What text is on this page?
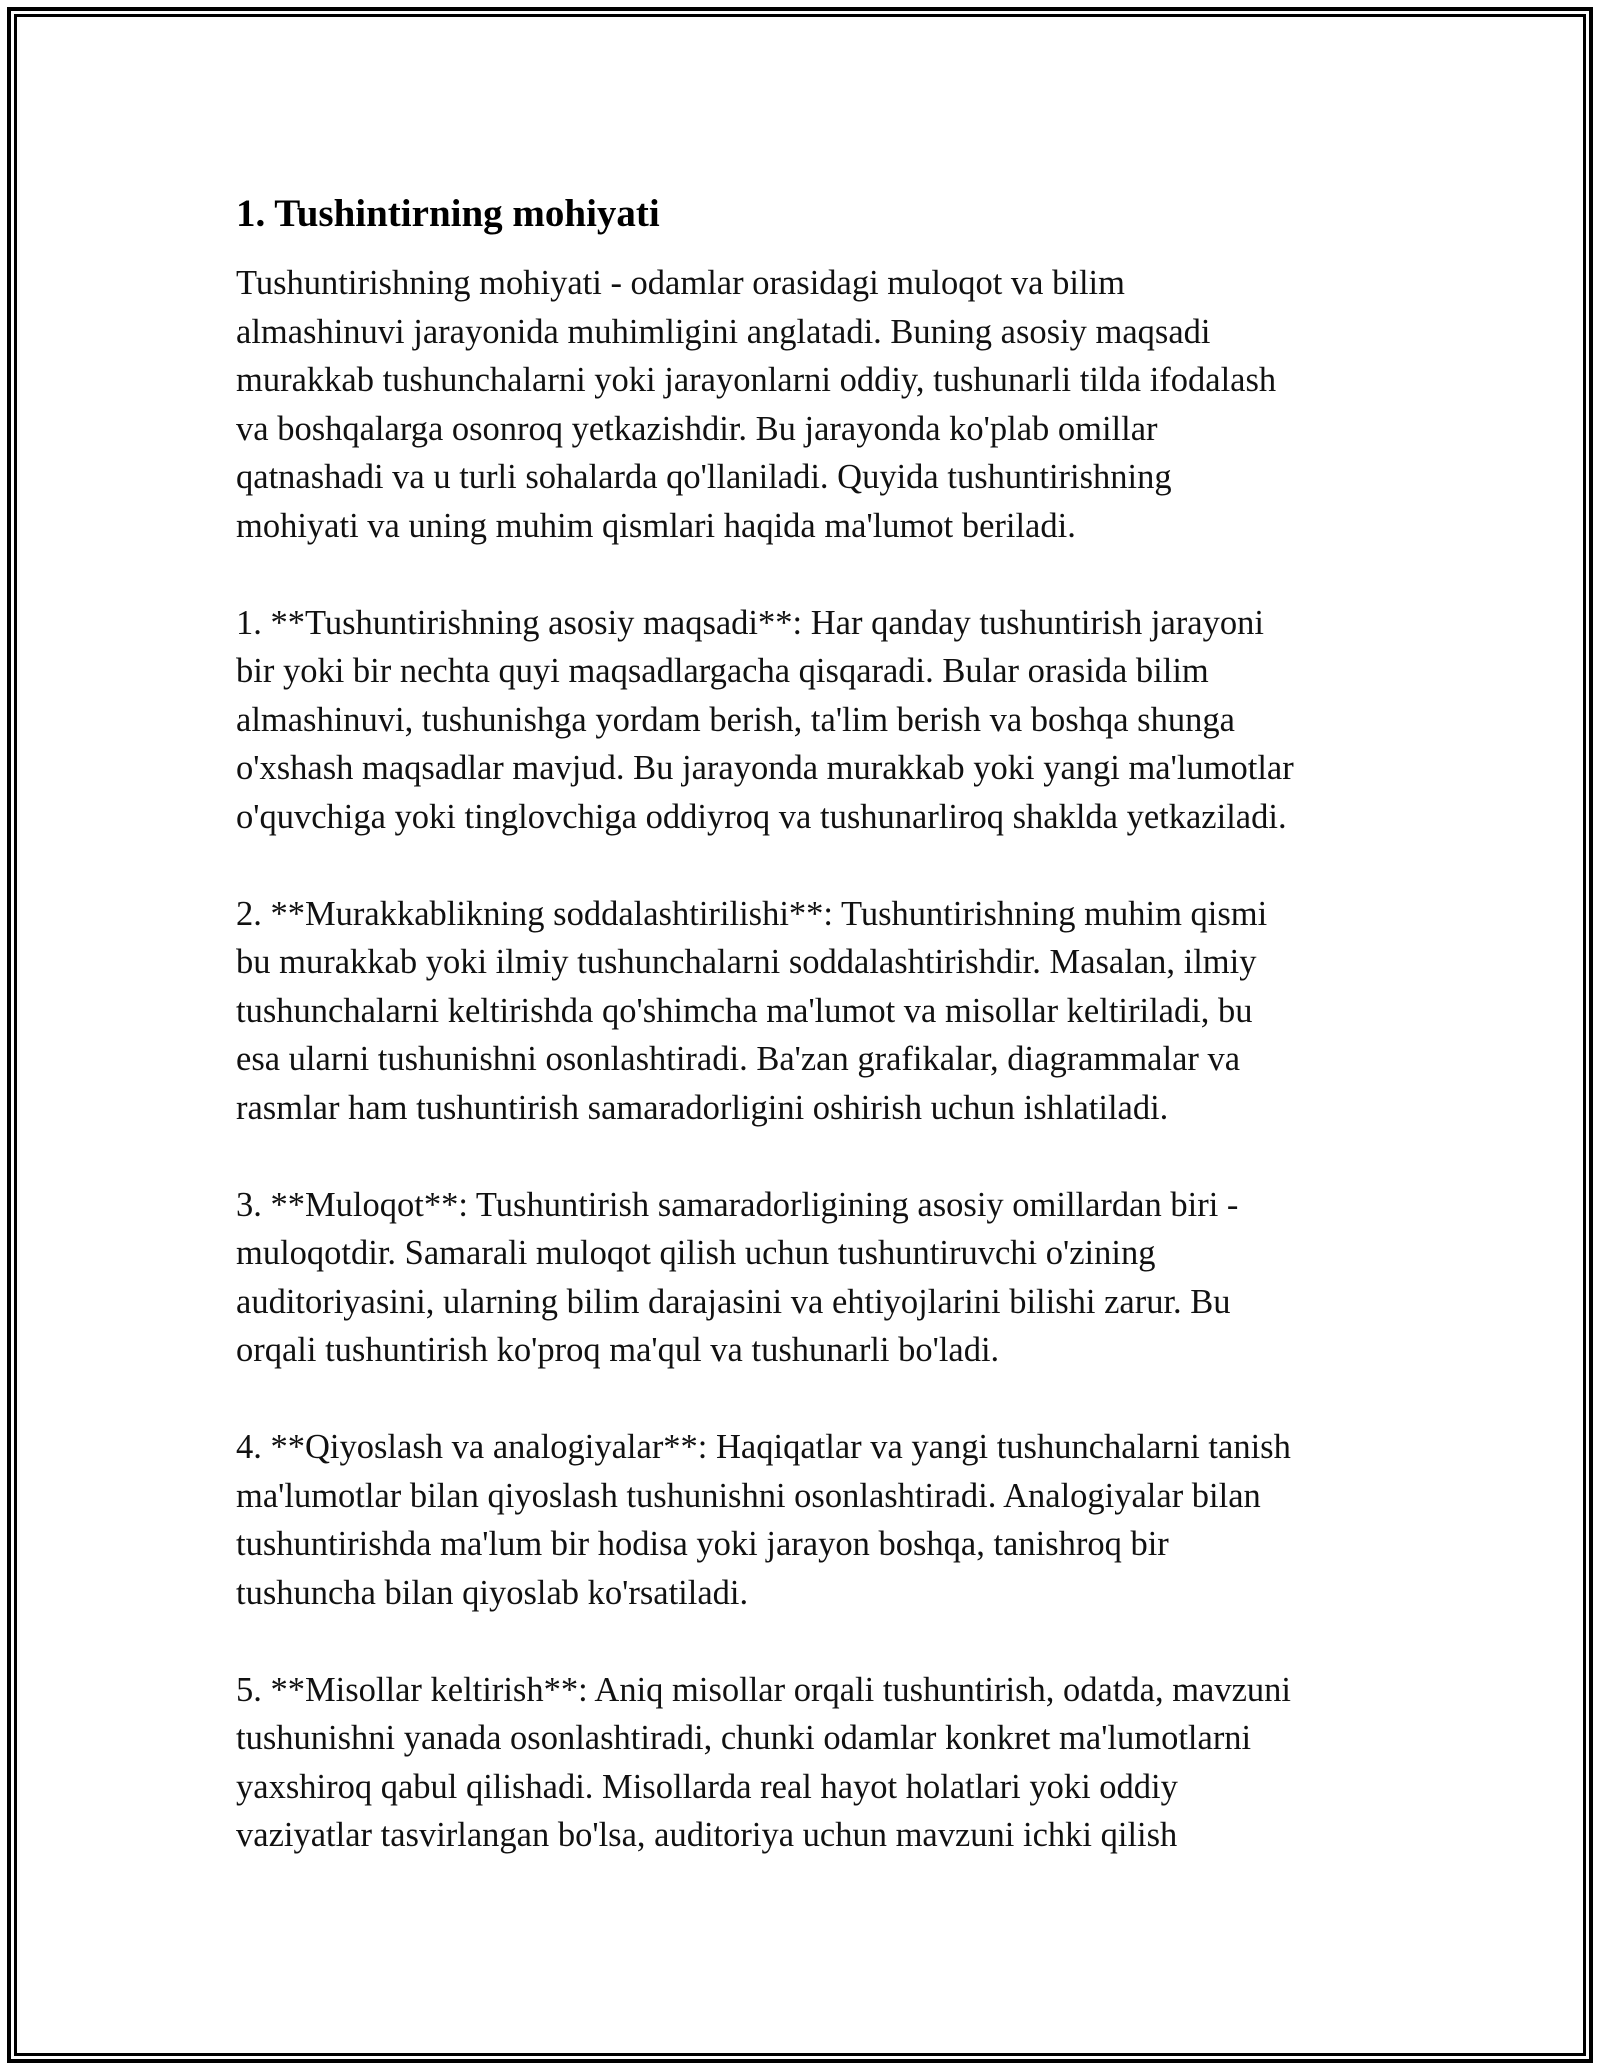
1. Tushintirning mohiyati

Tushuntirishning mohiyati - odamlar orasidagi muloqot va bilim
almashinuvi jarayonida muhimligini anglatadi. Buning asosiy maqsadi
murakkab tushunchalarni yoki jarayonlarni oddiy, tushunarli tilda ifodalash
va boshqalarga osonroq yetkazishdir. Bu jarayonda ko'plab omillar
qatnashadi va u turli sohalarda qo'llaniladi. Quyida tushuntirishning
mohiyati va uning muhim qismlari haqida ma'lumot beriladi.

1. **Tushuntirishning asosiy maqsadi**: Har qanday tushuntirish jarayoni
bir yoki bir nechta quyi maqsadlargacha qisqaradi. Bular orasida bilim
almashinuvi, tushunishga yordam berish, ta'lim berish va boshqa shunga
o'xshash maqsadlar mavjud. Bu jarayonda murakkab yoki yangi ma'lumotlar
o'quvchiga yoki tinglovchiga oddiyroq va tushunarliroq shaklda yetkaziladi.

2. **Murakkablikning soddalashtirilishi**: Tushuntirishning muhim qismi
bu murakkab yoki ilmiy tushunchalarni soddalashtirishdir. Masalan, ilmiy
tushunchalarni keltirishda qo'shimcha ma'lumot va misollar keltiriladi, bu
esa ularni tushunishni osonlashtiradi. Ba'zan grafikalar, diagrammalar va
rasmlar ham tushuntirish samaradorligini oshirish uchun ishlatiladi.

3. **Muloqot**: Tushuntirish samaradorligining asosiy omillardan biri -
muloqotdir. Samarali muloqot qilish uchun tushuntiruvchi o'zining
auditoriyasini, ularning bilim darajasini va ehtiyojlarini bilishi zarur. Bu
orqali tushuntirish ko'proq ma'qul va tushunarli bo'ladi.

4. **Qiyoslash va analogiyalar**: Haqiqatlar va yangi tushunchalarni tanish
ma'lumotlar bilan qiyoslash tushunishni osonlashtiradi. Analogiyalar bilan
tushuntirishda ma'lum bir hodisa yoki jarayon boshqa, tanishroq bir
tushuncha bilan qiyoslab ko'rsatiladi.

5. **Misollar keltirish**: Aniq misollar orqali tushuntirish, odatda, mavzuni
tushunishni yanada osonlashtiradi, chunki odamlar konkret ma'lumotlarni
yaxshiroq qabul qilishadi. Misollarda real hayot holatlari yoki oddiy
vaziyatlar tasvirlangan bo'lsa, auditoriya uchun mavzuni ichki qilish
